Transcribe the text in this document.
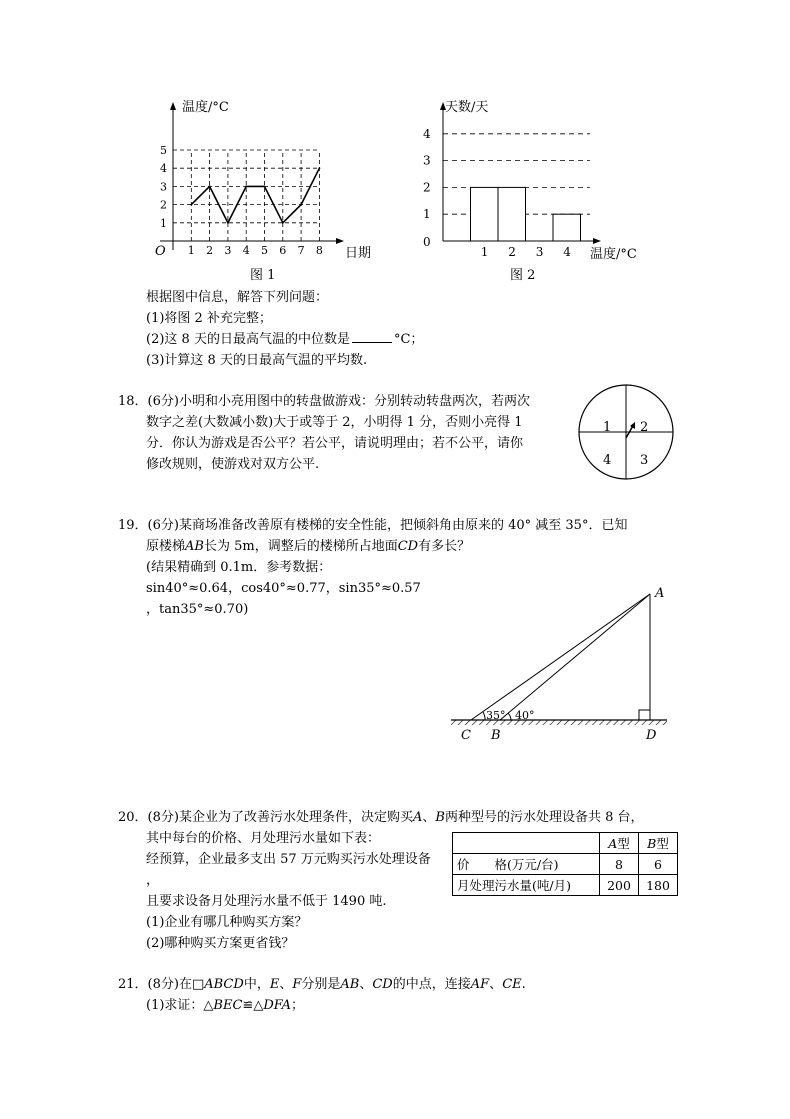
温度/°C
日期
O 1 2 3 4 5 6 7 8
1
2
3
4
5
图 1
天数/天
温度/°C
0
1 2 3 4
1
2
3
4
图 2
根据图中信息，解答下列问题：
(1)将图 2 补充完整；
(2)这 8 天的日最高气温的中位数是	°C；
(3)计算这 8 天的日最高气温的平均数.
18．(6分)小明和小亮用图中的转盘做游戏：分别转动转盘两次，若两次
数字之差(大数减小数)大于或等于 2，小明得 1 分，否则小亮得 1
分．你认为游戏是否公平？若公平，请说明理由；若不公平，请你
修改规则，使游戏对双方公平.
1 2
4 3
19．(6分)某商场准备改善原有楼梯的安全性能，把倾斜角由原来的 40° 减至 35°．已知
原楼梯AB长为 5m，调整后的楼梯所占地面CD有多长？
(结果精确到 0.1m．参考数据：
sin40°≈0.64，cos40°≈0.77，sin35°≈0.57
，tan35°≈0.70)
A
C B	D
35° 40°
20．(8分)某企业为了改善污水处理条件，决定购买A、B两种型号的污水处理设备共 8 台，
其中每台的价格、月处理污水量如下表：
经预算，企业最多支出 57 万元购买污水处理设备
，
且要求设备月处理污水量不低于 1490 吨.
(1)企业有哪几种购买方案？
(2)哪种购买方案更省钱？
	A型	B型
价　　格(万元/台)	8	6
月处理污水量(吨/月)	200	180
21．(8分)在□ABCD中，E、F分别是AB、CD的中点，连接AF、CE.
(1)求证：△BEC≌△DFA；
